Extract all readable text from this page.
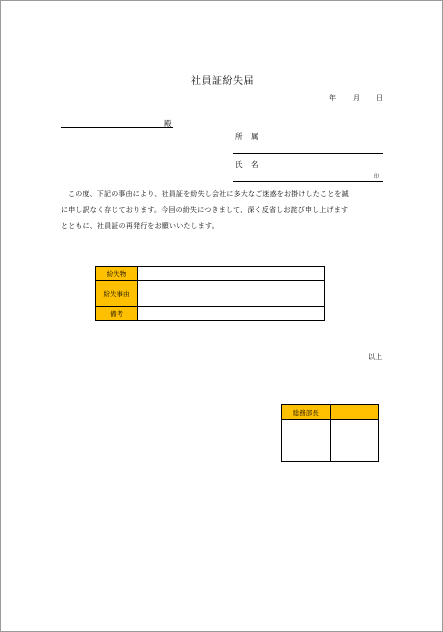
社員証紛失届
年 月 日
殿
所　属
氏　名
印

この度、下記の事由により、社員証を紛失し会社に多大なご迷惑をお掛けしたことを誠

に申し訳なく存じております。今回の紛失につきまして、深く反省しお詫び申し上げます
とともに、社員証の再発行をお願いいたします。
紛失物	
紛失事由	
備考	
以上
総務部長	
